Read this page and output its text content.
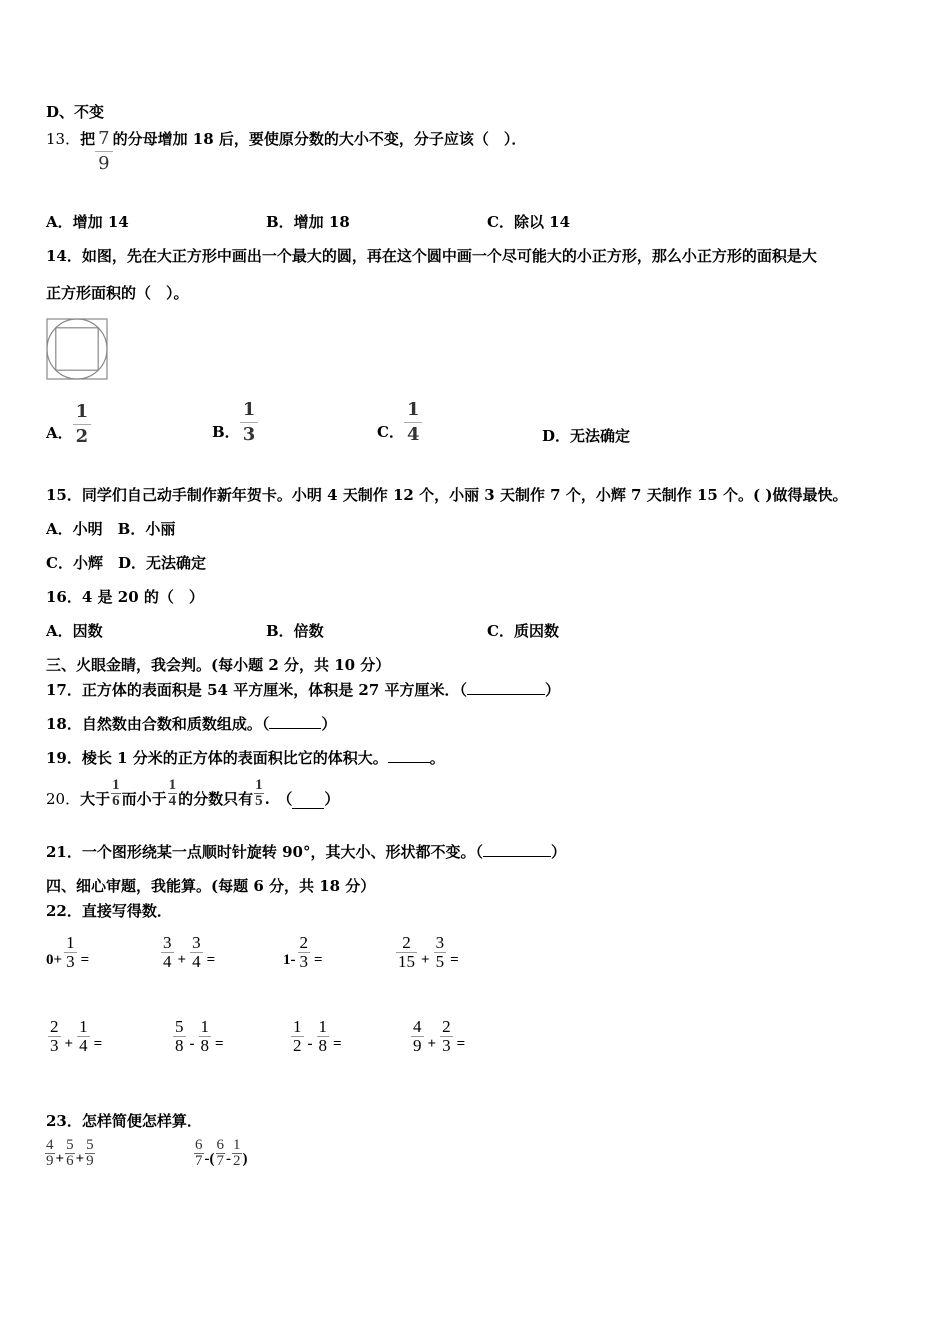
D、不变
13．把 $\frac{7}{9}$ 的分母增加 18 后，要使原分数的大小不变，分子应该（　）．
A．增加 14	B．增加 18	C．除以 14
14．如图，先在大正方形中画出一个最大的圆，再在这个圆中画一个尽可能大的小正方形，那么小正方形的面积是大
正方形面积的（　）。
A． $\frac{1}{2}$	B． $\frac{1}{3}$	C． $\frac{1}{4}$	D．无法确定
15．同学们自己动手制作新年贺卡。小明 4 天制作 12 个，小丽 3 天制作 7 个，小辉 7 天制作 15 个。( )做得最快。
A．小明　B．小丽
C．小辉　D．无法确定
16．4 是 20 的（　）
A．因数	B．倍数	C．质因数
三、火眼金睛，我会判。(每小题 2 分，共 10 分）
17．正方体的表面积是 54 平方厘米，体积是 27 平方厘米．（	）
18．自然数由合数和质数组成。（	）
19．棱长 1 分米的正方体的表面积比它的体积大。	。
20． 大于 $\frac{1}{6}$ 而小于 $\frac{1}{4}$ 的分数只有 $\frac{1}{5}$ .　（ ）
21．一个图形绕某一点顺时针旋转 90°，其大小、形状都不变。（	）
四、细心审题，我能算。(每题 6 分，共 18 分）
22．直接写得数．
$0+ \frac{1}{3}$ =	$\frac{3}{4} + \frac{3}{4}$ =	$1- \frac{2}{3}$ =	$\frac{2}{15} + \frac{3}{5}$ =
$\frac{2}{3} + \frac{1}{4}$ =	$\frac{5}{8} - \frac{1}{8}$ =	$\frac{1}{2} - \frac{1}{8}$ =	$\frac{4}{9} + \frac{2}{3}$ =
23．怎样简便怎样算．
$\frac{4}{9} + \frac{5}{6} + \frac{5}{9}$	$\frac{6}{7}$ -( $\frac{6}{7} - \frac{1}{2}$ )
